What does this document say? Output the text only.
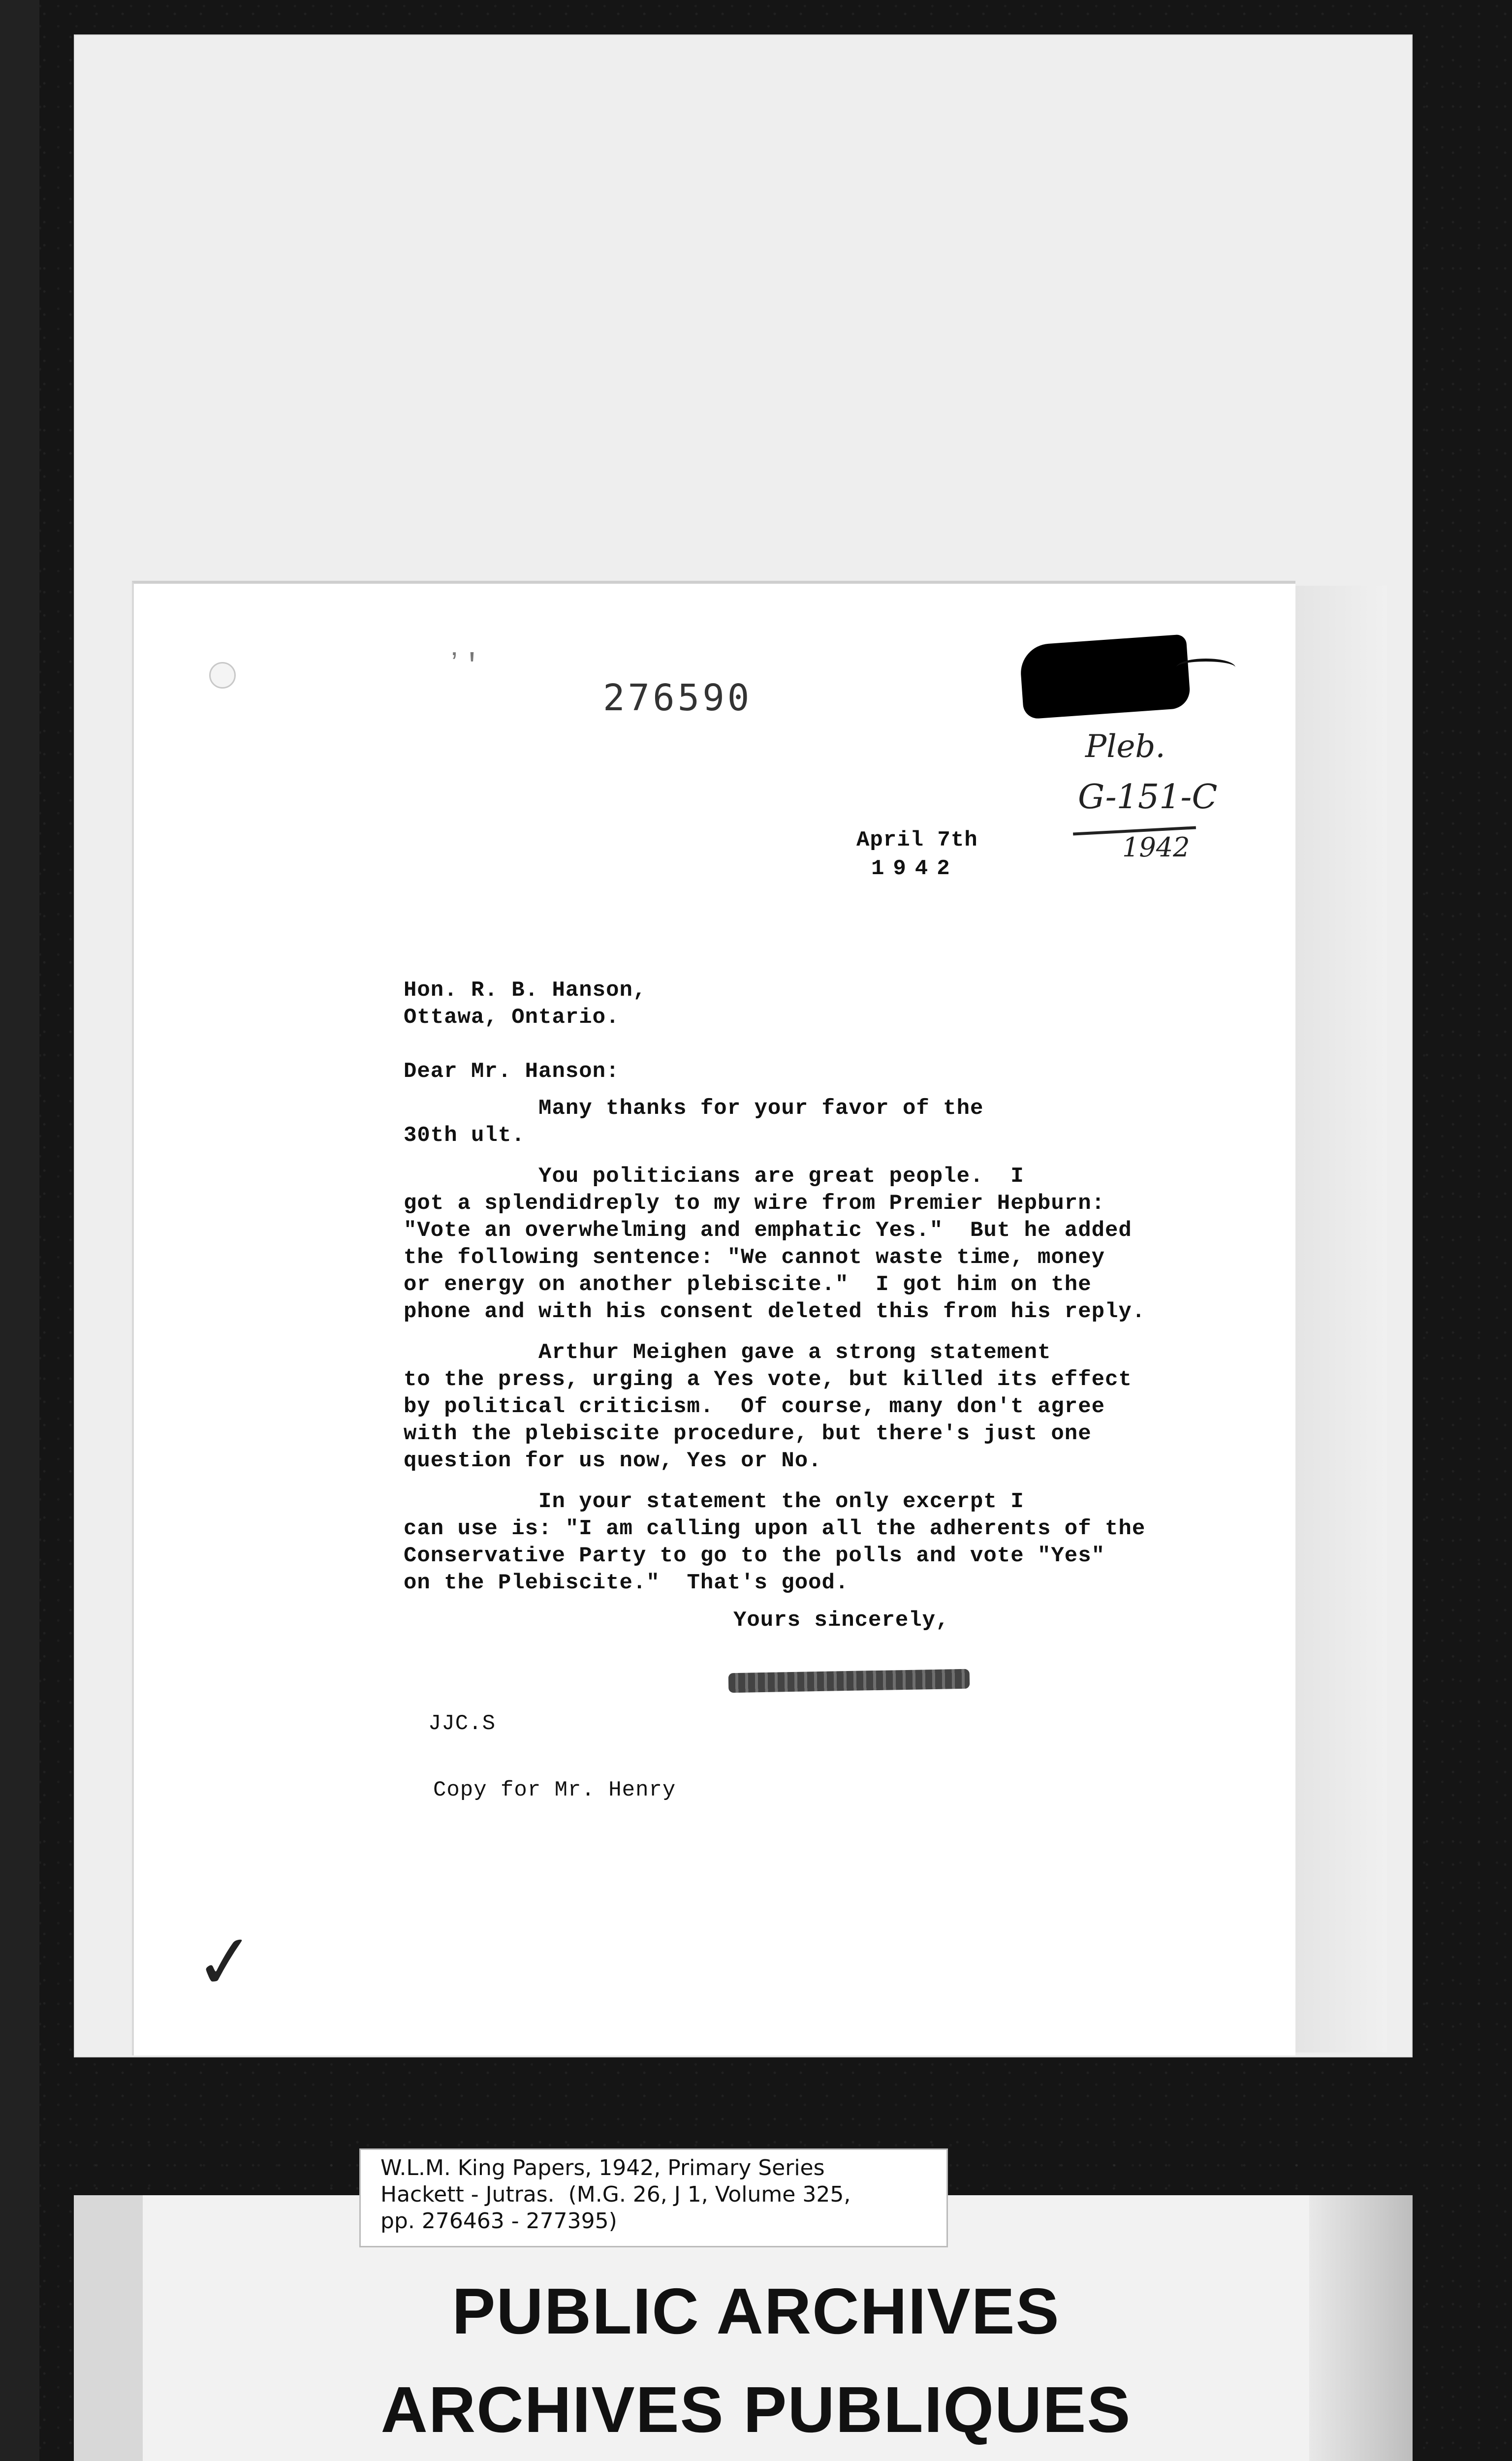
ʼ'
276590
Pleb.
G-151-C
1942
April 7th
1942
Hon. R. B. Hanson,
Ottawa, Ontario.
Dear Mr. Hanson:
Many thanks for your favor of the
30th ult.
You politicians are great people.  I
got a splendidreply to my wire from Premier Hepburn:
"Vote an overwhelming and emphatic Yes."  But he added
the following sentence: "We cannot waste time, money
or energy on another plebiscite."  I got him on the
phone and with his consent deleted this from his reply.
Arthur Meighen gave a strong statement
to the press, urging a Yes vote, but killed its effect
by political criticism.  Of course, many don't agree
with the plebiscite procedure, but there's just one
question for us now, Yes or No.
In your statement the only excerpt I
can use is: "I am calling upon all the adherents of the
Conservative Party to go to the polls and vote "Yes"
on the Plebiscite."  That's good.
Yours sincerely,
JJC.S
Copy for Mr. Henry
✓
W.L.M. King Papers, 1942, Primary Series
Hackett - Jutras.  (M.G. 26, J 1, Volume 325,
pp. 276463 - 277395)
PUBLIC ARCHIVES
ARCHIVES PUBLIQUES
